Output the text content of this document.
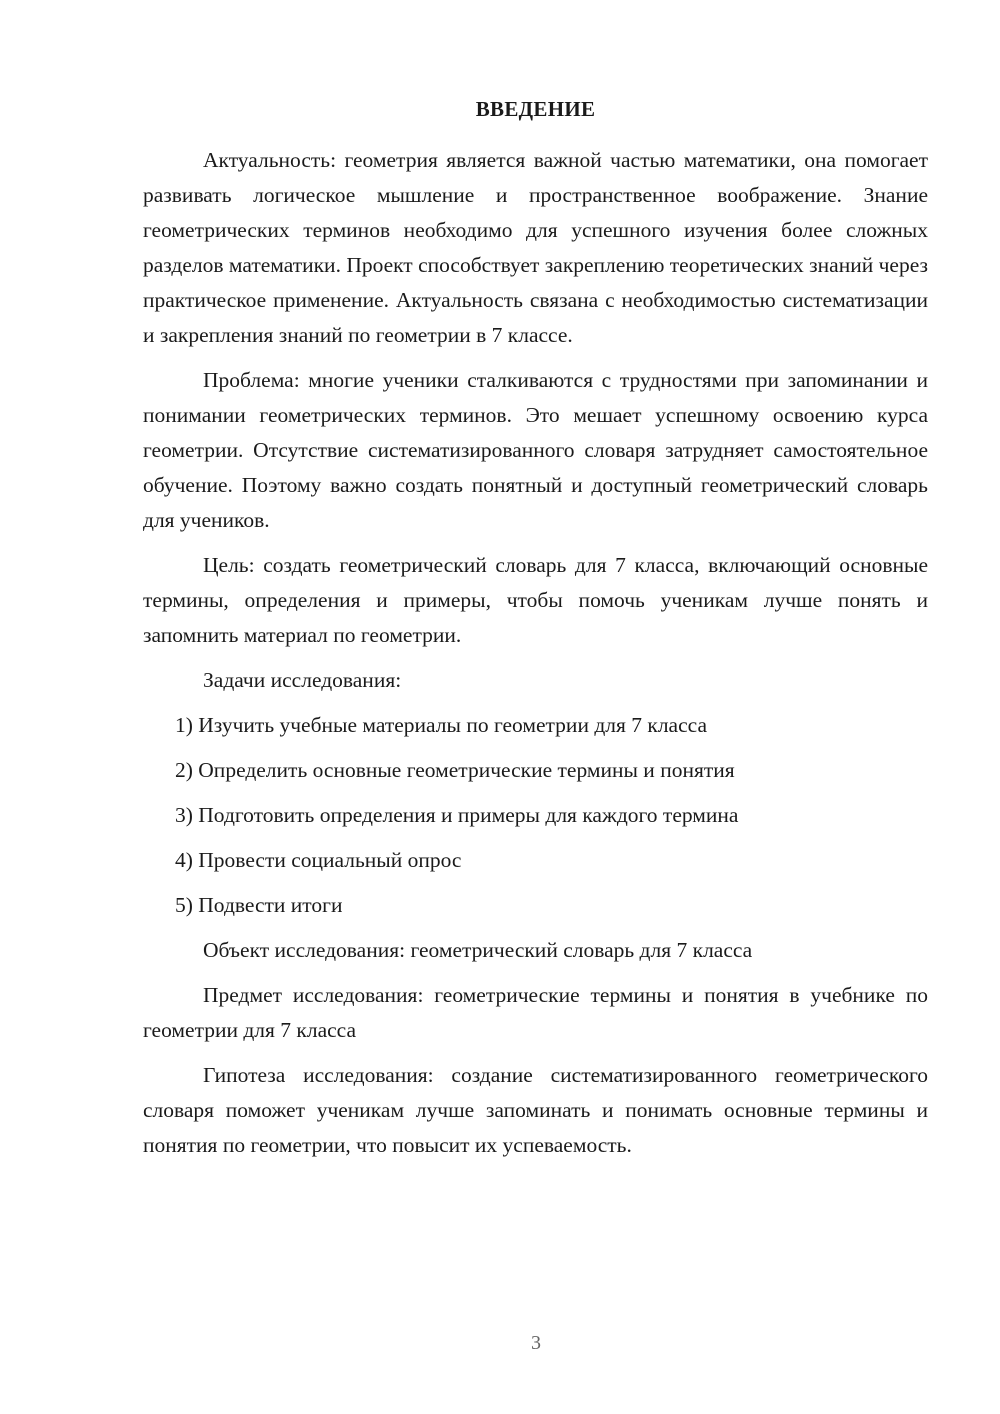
ВВЕДЕНИЕ

Актуальность: геометрия является важной частью математики, она помогает развивать логическое мышление и пространственное воображение. Знание геометрических терминов необходимо для успешного изучения более сложных разделов математики. Проект способствует закреплению теоретических знаний через практическое применение. Актуальность связана с необходимостью систематизации и закрепления знаний по геометрии в 7 классе.

Проблема: многие ученики сталкиваются с трудностями при запоминании и понимании геометрических терминов. Это мешает успешному освоению курса геометрии. Отсутствие систематизированного словаря затрудняет самостоятельное обучение. Поэтому важно создать понятный и доступный геометрический словарь для учеников.

Цель: создать геометрический словарь для 7 класса, включающий основные термины, определения и примеры, чтобы помочь ученикам лучше понять и запомнить материал по геометрии.

Задачи исследования:

1) Изучить учебные материалы по геометрии для 7 класса
2) Определить основные геометрические термины и понятия
3) Подготовить определения и примеры для каждого термина
4) Провести социальный опрос
5) Подвести итоги

Объект исследования: геометрический словарь для 7 класса

Предмет исследования: геометрические термины и понятия в учебнике по геометрии для 7 класса

Гипотеза исследования: создание систематизированного геометрического словаря поможет ученикам лучше запоминать и понимать основные термины и понятия по геометрии, что повысит их успеваемость.

3
